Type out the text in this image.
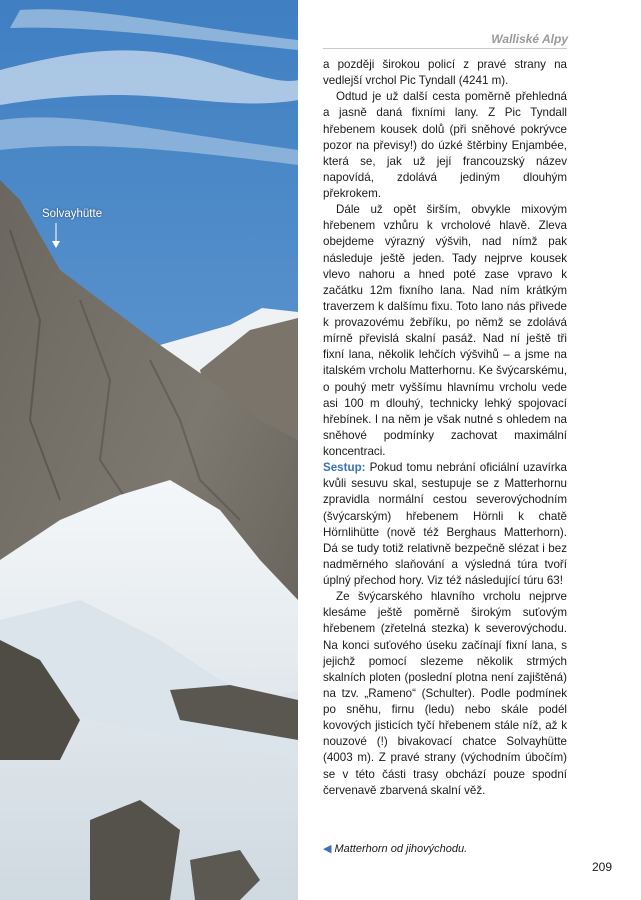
Solvayhütte
Walliské Alpy

a později širokou policí z pravé strany na vedlejší vrchol Pic Tyndall (4241 m).

Odtud je už další cesta poměrně přehledná a jasně daná fixními lany. Z Pic Tyndall hřebenem kousek dolů (při sněhové pokrývce pozor na převisy!) do úzké štěrbiny Enjambée, která se, jak už její francouzský název napovídá, zdolává jediným dlouhým překrokem.

Dále už opět širším, obvykle mixovým hřebenem vzhůru k vrcholové hlavě. Zleva obejdeme výrazný výšvih, nad nímž pak následuje ještě jeden. Tady nejprve kousek vlevo nahoru a hned poté zase vpravo k začátku 12m fixního lana. Nad ním krátkým traverzem k dalšímu fixu. Toto lano nás přivede k provazovému žebříku, po němž se zdolává mírně převislá skalní pasáž. Nad ní ještě tři fixní lana, několik lehčích výšvihů – a jsme na italském vrcholu Matterhornu. Ke švýcarskému, o pouhý metr vyššímu hlavnímu vrcholu vede asi 100 m dlouhý, technicky lehký spojovací hřebínek. I na něm je však nutné s ohledem na sněhové podmínky zachovat maximální koncentraci.

Sestup: Pokud tomu nebrání oficiální uzavírka kvůli sesuvu skal, sestupuje se z Matterhornu zpravidla normální cestou severovýchodním (švýcarským) hřebenem Hörnli k chatě Hörnlihütte (nově též Berghaus Matterhorn). Dá se tudy totiž relativně bezpečně slézat i bez nadměrného slaňování a výsledná túra tvoří úplný přechod hory. Viz též následující túru 63!

Ze švýcarského hlavního vrcholu nejprve klesáme ještě poměrně širokým suťovým hřebenem (zřetelná stezka) k severovýchodu. Na konci suťového úseku začínají fixní lana, s jejichž pomocí slezeme několik strmých skalních ploten (poslední plotna není zajištěná) na tzv. „Rameno“ (Schulter). Podle podmínek po sněhu, firnu (ledu) nebo skále podél kovových jisticích tyčí hřebenem stále níž, až k nouzové (!) bivakovací chatce Solvayhütte (4003 m). Z pravé strany (východním úbočím) se v této části trasy obchází pouze spodní červenavě zbarvená skalní věž.

◀ Matterhorn od jihovýchodu.
209
